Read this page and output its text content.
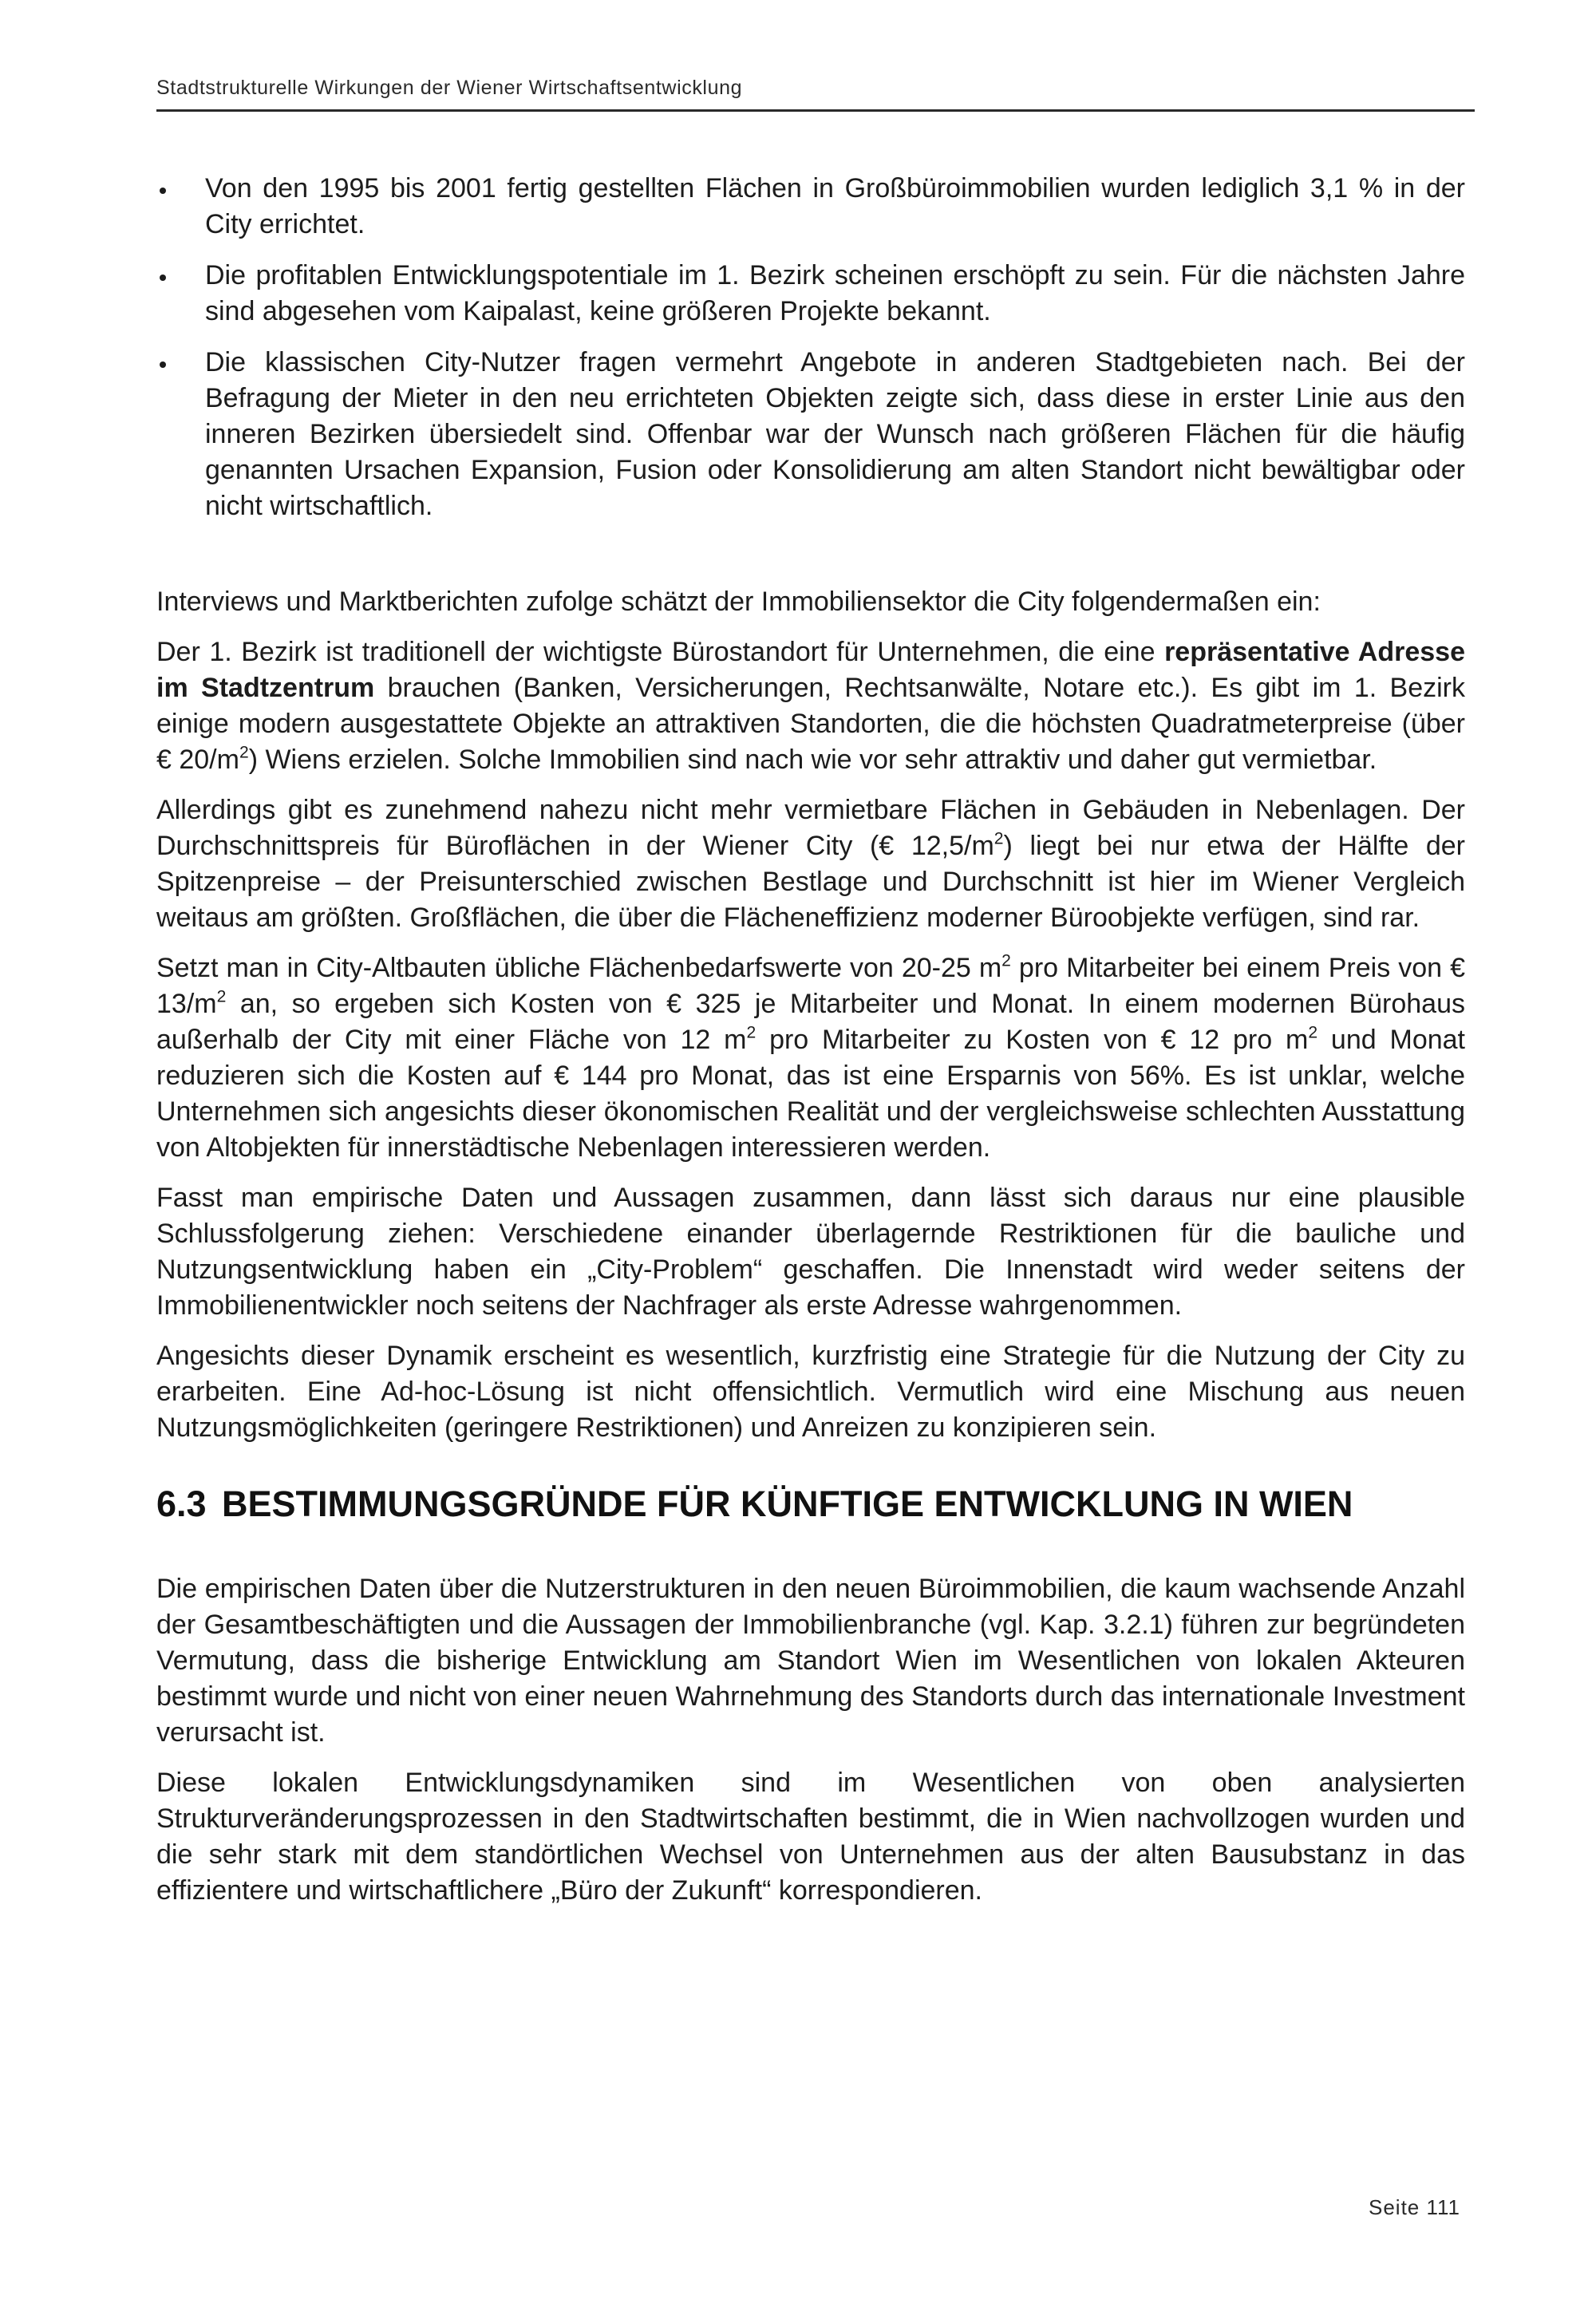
Stadtstrukturelle Wirkungen der Wiener Wirtschaftsentwicklung
Von den 1995 bis 2001 fertig gestellten Flächen in Großbüroimmobilien wurden lediglich 3,1 % in der City errichtet.
Die profitablen Entwicklungspotentiale im 1. Bezirk scheinen erschöpft zu sein. Für die nächsten Jahre sind abgesehen vom Kaipalast, keine größeren Projekte bekannt.
Die klassischen City-Nutzer fragen vermehrt Angebote in anderen Stadtgebieten nach. Bei der Befragung der Mieter in den neu errichteten Objekten zeigte sich, dass diese in erster Linie aus den inneren Bezirken übersiedelt sind. Offenbar war der Wunsch nach größeren Flächen für die häufig genannten Ursachen Expansion, Fusion oder Konsolidierung am alten Standort nicht bewältigbar oder nicht wirtschaftlich.

Interviews und Marktberichten zufolge schätzt der Immobiliensektor die City folgendermaßen ein:

Der 1. Bezirk ist traditionell der wichtigste Bürostandort für Unternehmen, die eine repräsentative Adresse im Stadtzentrum brauchen (Banken, Versicherungen, Rechtsanwälte, Notare etc.). Es gibt im 1. Bezirk einige modern ausgestattete Objekte an attraktiven Standorten, die die höchsten Quadratmeterpreise (über € $20/m^2$) Wiens erzielen. Solche Immobilien sind nach wie vor sehr attraktiv und daher gut vermietbar.

Allerdings gibt es zunehmend nahezu nicht mehr vermietbare Flächen in Gebäuden in Nebenlagen. Der Durchschnittspreis für Büroflächen in der Wiener City (€ $12,5/m^2$) liegt bei nur etwa der Hälfte der Spitzenpreise – der Preisunterschied zwischen Bestlage und Durchschnitt ist hier im Wiener Vergleich weitaus am größten. Großflächen, die über die Flächeneffizienz moderner Büroobjekte verfügen, sind rar.

Setzt man in City-Altbauten übliche Flächenbedarfswerte von 20-25 $m^2$ pro Mitarbeiter bei einem Preis von € $13/m^2$ an, so ergeben sich Kosten von € 325 je Mitarbeiter und Monat. In einem modernen Bürohaus außerhalb der City mit einer Fläche von 12 $m^2$ pro Mitarbeiter zu Kosten von € 12 pro $m^2$ und Monat reduzieren sich die Kosten auf € 144 pro Monat, das ist eine Ersparnis von 56%. Es ist unklar, welche Unternehmen sich angesichts dieser ökonomischen Realität und der vergleichsweise schlechten Ausstattung von Altobjekten für innerstädtische Nebenlagen interessieren werden.

Fasst man empirische Daten und Aussagen zusammen, dann lässt sich daraus nur eine plausible Schlussfolgerung ziehen: Verschiedene einander überlagernde Restriktionen für die bauliche und Nutzungsentwicklung haben ein „City-Problem“ geschaffen. Die Innenstadt wird weder seitens der Immobilienentwickler noch seitens der Nachfrager als erste Adresse wahrgenommen.

Angesichts dieser Dynamik erscheint es wesentlich, kurzfristig eine Strategie für die Nutzung der City zu erarbeiten. Eine Ad-hoc-Lösung ist nicht offensichtlich. Vermutlich wird eine Mischung aus neuen Nutzungsmöglichkeiten (geringere Restriktionen) und Anreizen zu konzipieren sein.

6.3 BESTIMMUNGSGRÜNDE FÜR KÜNFTIGE ENTWICKLUNG IN WIEN

Die empirischen Daten über die Nutzerstrukturen in den neuen Büroimmobilien, die kaum wachsende Anzahl der Gesamtbeschäftigten und die Aussagen der Immobilienbranche (vgl. Kap. 3.2.1) führen zur begründeten Vermutung, dass die bisherige Entwicklung am Standort Wien im Wesentlichen von lokalen Akteuren bestimmt wurde und nicht von einer neuen Wahrnehmung des Standorts durch das internationale Investment verursacht ist.

Diese lokalen Entwicklungsdynamiken sind im Wesentlichen von oben analysierten Strukturveränderungsprozessen in den Stadtwirtschaften bestimmt, die in Wien nachvollzogen wurden und die sehr stark mit dem standörtlichen Wechsel von Unternehmen aus der alten Bausubstanz in das effizientere und wirtschaftlichere „Büro der Zukunft“ korrespondieren.

Seite 111
